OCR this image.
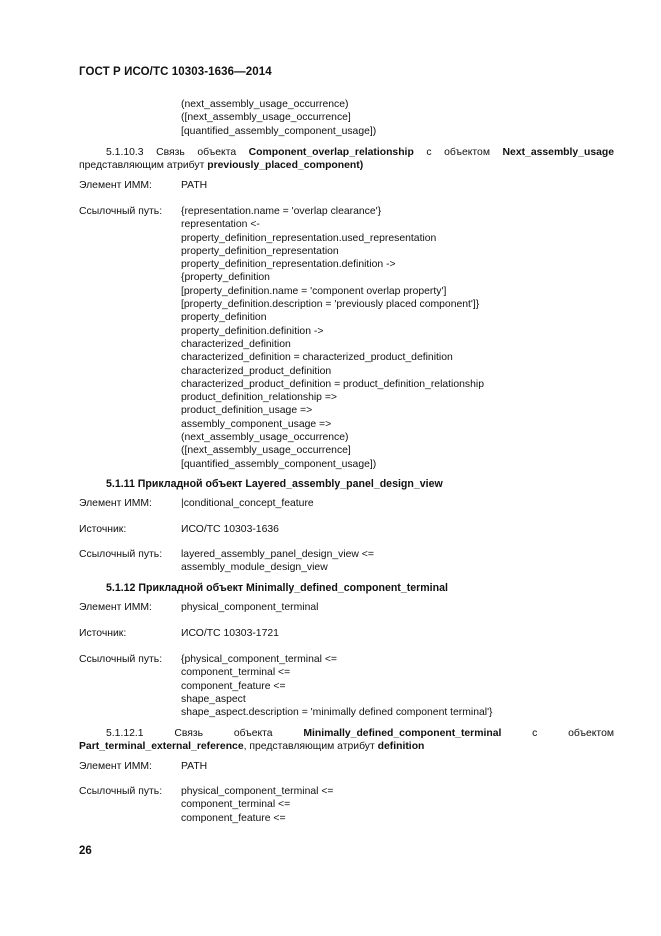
ГОСТ Р ИСО/ТС 10303-1636—2014
(next_assembly_usage_occurrence)
([next_assembly_usage_occurrence]
[quantified_assembly_component_usage])
5.1.10.3 Связь объекта Component_overlap_relationship с объектом Next_assembly_usage
представляющим атрибут previously_placed_component)
Элемент ИММ:	PATH
Ссылочный путь: {representation.name = 'overlap clearance'}
representation <-
property_definition_representation.used_representation
property_definition_representation
property_definition_representation.definition ->
{property_definition
[property_definition.name = 'component overlap property']
[property_definition.description = 'previously placed component']}
property_definition
property_definition.definition ->
characterized_definition
characterized_definition = characterized_product_definition
characterized_product_definition
characterized_product_definition = product_definition_relationship
product_definition_relationship =>
product_definition_usage =>
assembly_component_usage =>
(next_assembly_usage_occurrence)
([next_assembly_usage_occurrence]
[quantified_assembly_component_usage])
5.1.11 Прикладной объект Layered_assembly_panel_design_view
Элемент ИММ:	|conditional_concept_feature
Источник:	ИСО/ТС 10303-1636
Ссылочный путь: layered_assembly_panel_design_view <=
assembly_module_design_view
5.1.12 Прикладной объект Minimally_defined_component_terminal
Элемент ИММ:	physical_component_terminal
Источник:	ИСО/ТС 10303-1721
Ссылочный путь: {physical_component_terminal <=
component_terminal <=
component_feature <=
shape_aspect
shape_aspect.description = 'minimally defined component terminal'}
5.1.12.1	Связь	объекта	Minimally_defined_component_terminal	с	объектом
Part_terminal_external_reference, представляющим атрибут definition
Элемент ИММ:	PATH
Ссылочный путь: physical_component_terminal <=
component_terminal <=
component_feature <=
26
